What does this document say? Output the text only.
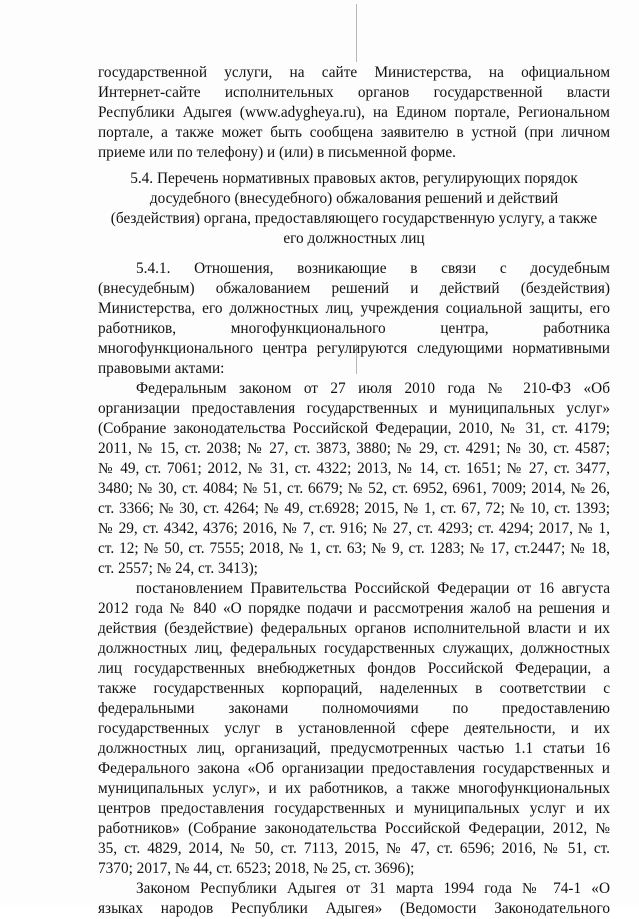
государственной услуги, на сайте Министерства, на официальном
Интернет-сайте исполнительных органов государственной власти
Республики Адыгея (www.adygheya.ru), на Едином портале, Региональном
портале, а также может быть сообщена заявителю в устной (при личном
приеме или по телефону) и (или) в письменной форме.
5.4. Перечень нормативных правовых актов, регулирующих порядок
досудебного (внесудебного) обжалования решений и действий
(бездействия) органа, предоставляющего государственную услугу, а также
его должностных лиц
5.4.1. Отношения, возникающие в связи с досудебным
(внесудебным) обжалованием решений и действий (бездействия)
Министерства, его должностных лиц, учреждения социальной защиты, его
работников, многофункционального центра, работника
многофункционального центра регулируются следующими нормативными
правовыми актами:
Федеральным законом от 27 июля 2010 года № 210-ФЗ «Об
организации предоставления государственных и муниципальных услуг»
(Собрание законодательства Российской Федерации, 2010, № 31, ст. 4179;
2011, № 15, ст. 2038; № 27, ст. 3873, 3880; № 29, ст. 4291; № 30, ст. 4587;
№ 49, ст. 7061; 2012, № 31, ст. 4322; 2013, № 14, ст. 1651; № 27, ст. 3477,
3480; № 30, ст. 4084; № 51, ст. 6679; № 52, ст. 6952, 6961, 7009; 2014, № 26,
ст. 3366; № 30, ст. 4264; № 49, ст.6928; 2015, № 1, ст. 67, 72; № 10, ст. 1393;
№ 29, ст. 4342, 4376; 2016, № 7, ст. 916; № 27, ст. 4293; ст. 4294; 2017, № 1,
ст. 12; № 50, ст. 7555; 2018, № 1, ст. 63; № 9, ст. 1283; № 17, ст.2447; № 18,
ст. 2557; № 24, ст. 3413);
постановлением Правительства Российской Федерации от 16 августа
2012 года № 840 «О порядке подачи и рассмотрения жалоб на решения и
действия (бездействие) федеральных органов исполнительной власти и их
должностных лиц, федеральных государственных служащих, должностных
лиц государственных внебюджетных фондов Российской Федерации, а
также государственных корпораций, наделенных в соответствии с
федеральными законами полномочиями по предоставлению
государственных услуг в установленной сфере деятельности, и их
должностных лиц, организаций, предусмотренных частью 1.1 статьи 16
Федерального закона «Об организации предоставления государственных и
муниципальных услуг», и их работников, а также многофункциональных
центров предоставления государственных и муниципальных услуг и их
работников» (Собрание законодательства Российской Федерации, 2012, №
35, ст. 4829, 2014, № 50, ст. 7113, 2015, № 47, ст. 6596; 2016, № 51, ст.
7370; 2017, № 44, ст. 6523; 2018, № 25, ст. 3696);
Законом Республики Адыгея от 31 марта 1994 года № 74-1 «О
языках народов Республики Адыгея» (Ведомости Законодательного
